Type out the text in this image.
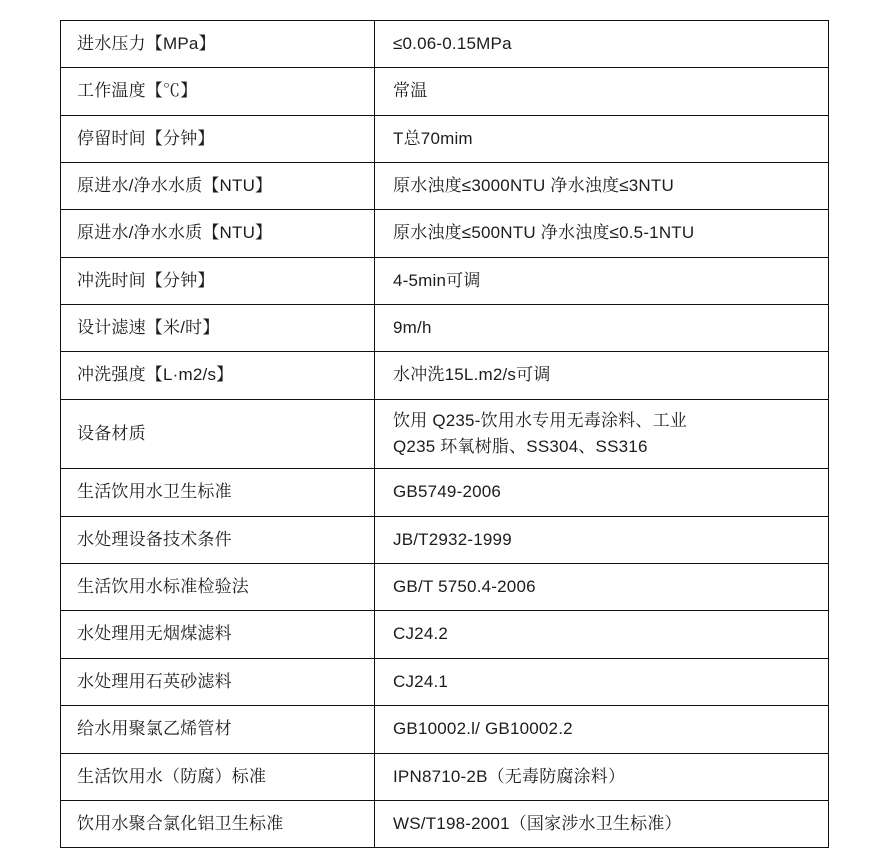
进水压力【MPa】	≤0.06-0.15MPa
工作温度【℃】	常温
停留时间【分钟】	T总70mim
原进水/净水水质【NTU】	原水浊度≤3000NTU 净水浊度≤3NTU
原进水/净水水质【NTU】	原水浊度≤500NTU 净水浊度≤0.5-1NTU
冲洗时间【分钟】	4-5min可调
设计滤速【米/时】	9m/h
冲洗强度【L·m2/s】	水冲洗15L.m2/s可调
设备材质	饮用 Q235-饮用水专用无毒涂料、工业
Q235 环氧树脂、SS304、SS316

生活饮用水卫生标准	GB5749-2006
水处理设备技术条件	JB/T2932-1999
生活饮用水标准检验法	GB/T 5750.4-2006
水处理用无烟煤滤料	CJ24.2
水处理用石英砂滤料	CJ24.1
给水用聚氯乙烯管材	GB10002.l/ GB10002.2
生活饮用水（防腐）标准	IPN8710-2B（无毒防腐涂料）
饮用水聚合氯化铝卫生标准	WS/T198-2001（国家涉水卫生标准）
